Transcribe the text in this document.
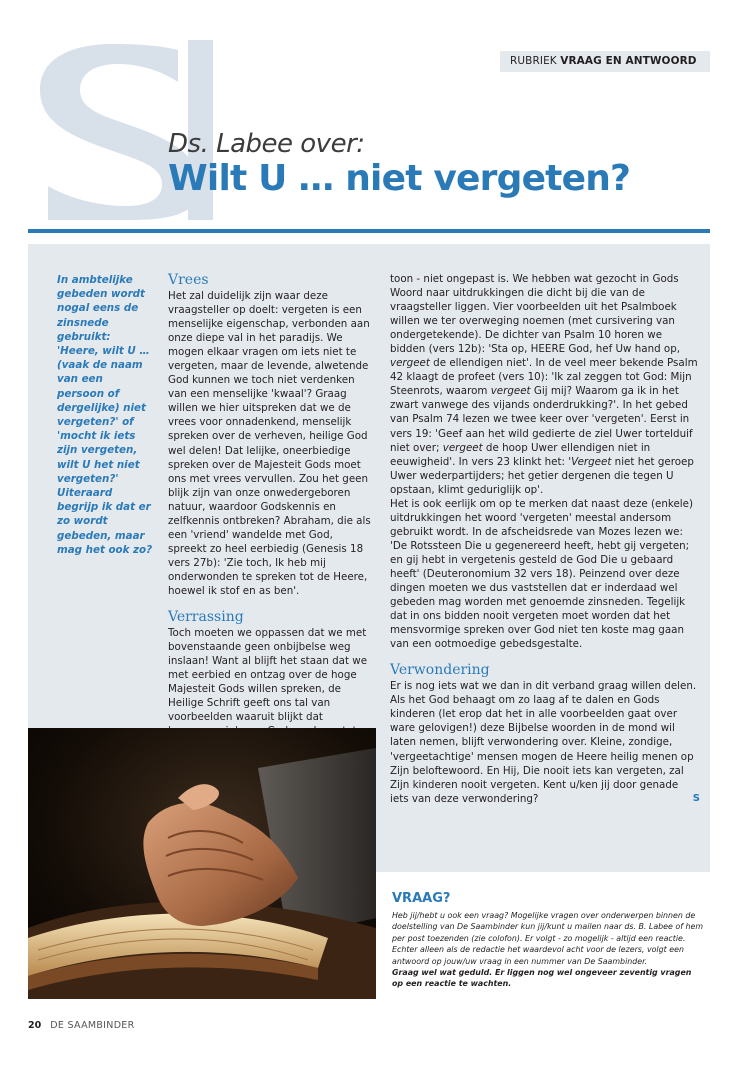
RUBRIEK VRAAG EN ANTWOORD
Ds. Labee over:
Wilt U … niet vergeten?
In ambtelijke gebeden wordt nogal eens de zinsnede gebruikt: 'Heere, wilt U … (vaak de naam van een persoon of dergelijke) niet vergeten?' of 'mocht ik iets zijn vergeten, wilt U het niet vergeten?' Uiteraard begrijp ik dat er zo wordt gebeden, maar mag het ook zo?
Vrees

Het zal duidelijk zijn waar deze vraagsteller op doelt: vergeten is een menselijke eigenschap, verbonden aan onze diepe val in het paradijs. We mogen elkaar vragen om iets niet te vergeten, maar de levende, alwetende God kunnen we toch niet verdenken van een menselijke 'kwaal'? Graag willen we hier uitspreken dat we de vrees voor onnadenkend, menselijk spreken over de verheven, heilige God wel delen! Dat lelijke, oneerbiedige spreken over de Majesteit Gods moet ons met vrees vervullen. Zou het geen blijk zijn van onze onwedergeboren natuur, waardoor Godskennis en zelfkennis ontbreken? Abraham, die als een 'vriend' wandelde met God, spreekt zo heel eerbiedig (Genesis 18 vers 27b): 'Zie toch, Ik heb mij onderwonden te spreken tot de Heere, hoewel ik stof en as ben'.

Verrassing

Toch moeten we oppassen dat we met bovenstaande geen onbijbelse weg inslaan! Want al blijft het staan dat we met eerbied en ontzag over de hoge Majesteit Gods willen spreken, de Heilige Schrift geeft ons tal van voorbeelden waaruit blijkt dat

toon - niet ongepast is. We hebben wat gezocht in Gods Woord naar uitdrukkingen die dicht bij die van de vraagsteller liggen. Vier voorbeelden uit het Psalmboek willen we ter overweging noemen (met cursivering van ondergetekende). De dichter van Psalm 10 horen we bidden (vers 12b): 'Sta op, HEERE God, hef Uw hand op, vergeet de ellendigen niet'. In de veel meer bekende Psalm 42 klaagt de profeet (vers 10): 'Ik zal zeggen tot God: Mijn Steenrots, waarom vergeet Gij mij? Waarom ga ik in het zwart vanwege des vijands onderdrukking?'. In het gebed van Psalm 74 lezen we twee keer over 'vergeten'. Eerst in vers 19: 'Geef aan het wild gedierte de ziel Uwer tortelduif niet over; vergeet de hoop Uwer ellendigen niet in eeuwigheid'. In vers 23 klinkt het: 'Vergeet niet het geroep Uwer wederpartijders; het getier dergenen die tegen U opstaan, klimt geduriglijk op'.

Het is ook eerlijk om op te merken dat naast deze (enkele) uitdrukkingen het woord 'vergeten' meestal andersom gebruikt wordt. In de afscheidsrede van Mozes lezen we: 'De Rotssteen Die u gegenereerd heeft, hebt gij vergeten; en gij hebt in vergetenis gesteld de God Die u gebaard heeft' (Deuteronomium 32 vers 18). Peinzend over deze dingen moeten we dus vaststellen dat er inderdaad wel gebeden mag worden met genoemde zinsneden. Tegelijk dat in ons bidden nooit vergeten moet worden dat het mensvormige spreken over God niet ten koste mag gaan van een ootmoedige gebedsgestalte.

Verwondering

Er is nog iets wat we dan in dit verband graag willen delen. Als het God behaagt om zo laag af te dalen en Gods kinderen (let erop dat het in alle voorbeelden gaat over ware gelovigen!) deze Bijbelse woorden in de mond wil laten nemen, blijft verwondering over. Kleine, zondige, 'vergeetachtige' mensen mogen de Heere heilig menen op Zijn beloftewoord. En Hij, Die nooit iets kan vergeten, zal Zijn kinderen nooit vergeten. Kent u/ken jij door genade iets van deze verwondering?	S

VRAAG?
Heb jij/hebt u ook een vraag? Mogelijke vragen over onderwerpen binnen de doelstelling van De Saambinder kun jij/kunt u mailen naar ds. B. Labee of hem per post toezenden (zie colofon). Er volgt - zo mogelijk - altijd een reactie. Echter alleen als de redactie het waardevol acht voor de lezers, volgt een antwoord op jouw/uw vraag in een nummer van De Saambinder.
Graag wel wat geduld. Er liggen nog wel ongeveer zeventig vragen op een reactie te wachten.
20 DE SAAMBINDER
